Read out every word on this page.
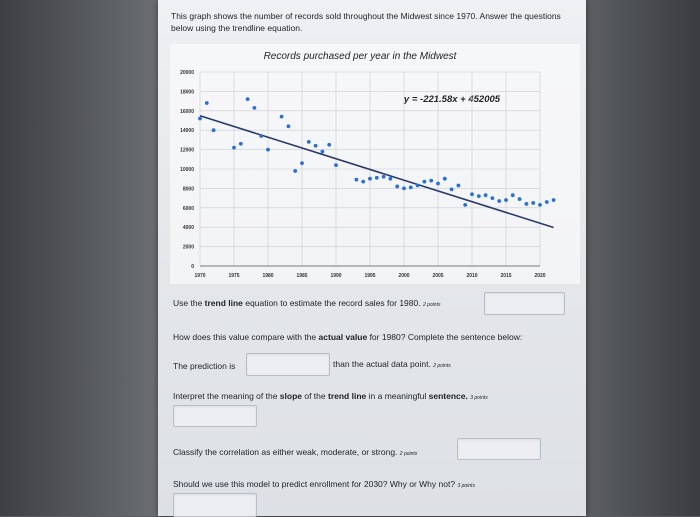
This graph shows the number of records sold throughout the Midwest since 1970. Answer the questions below using the trendline equation.
Records purchased per year in the Midwest
y = -221.58x + 452005
0
2000
4000
6000
8000
10000
12000
14000
16000
18000
20000
1970	1975	1980	1985	1990	1995	2000	2005	2010	2015	2020
Use the trend line equation to estimate the record sales for 1980. 2 points
How does this value compare with the actual value for 1980? Complete the sentence below:
The prediction is	than the actual data point. 2 points
Interpret the meaning of the slope of the trend line in a meaningful sentence. 3 points
Classify the correlation as either weak, moderate, or strong. 2 points
Should we use this model to predict enrollment for 2030? Why or Why not? 3 points
